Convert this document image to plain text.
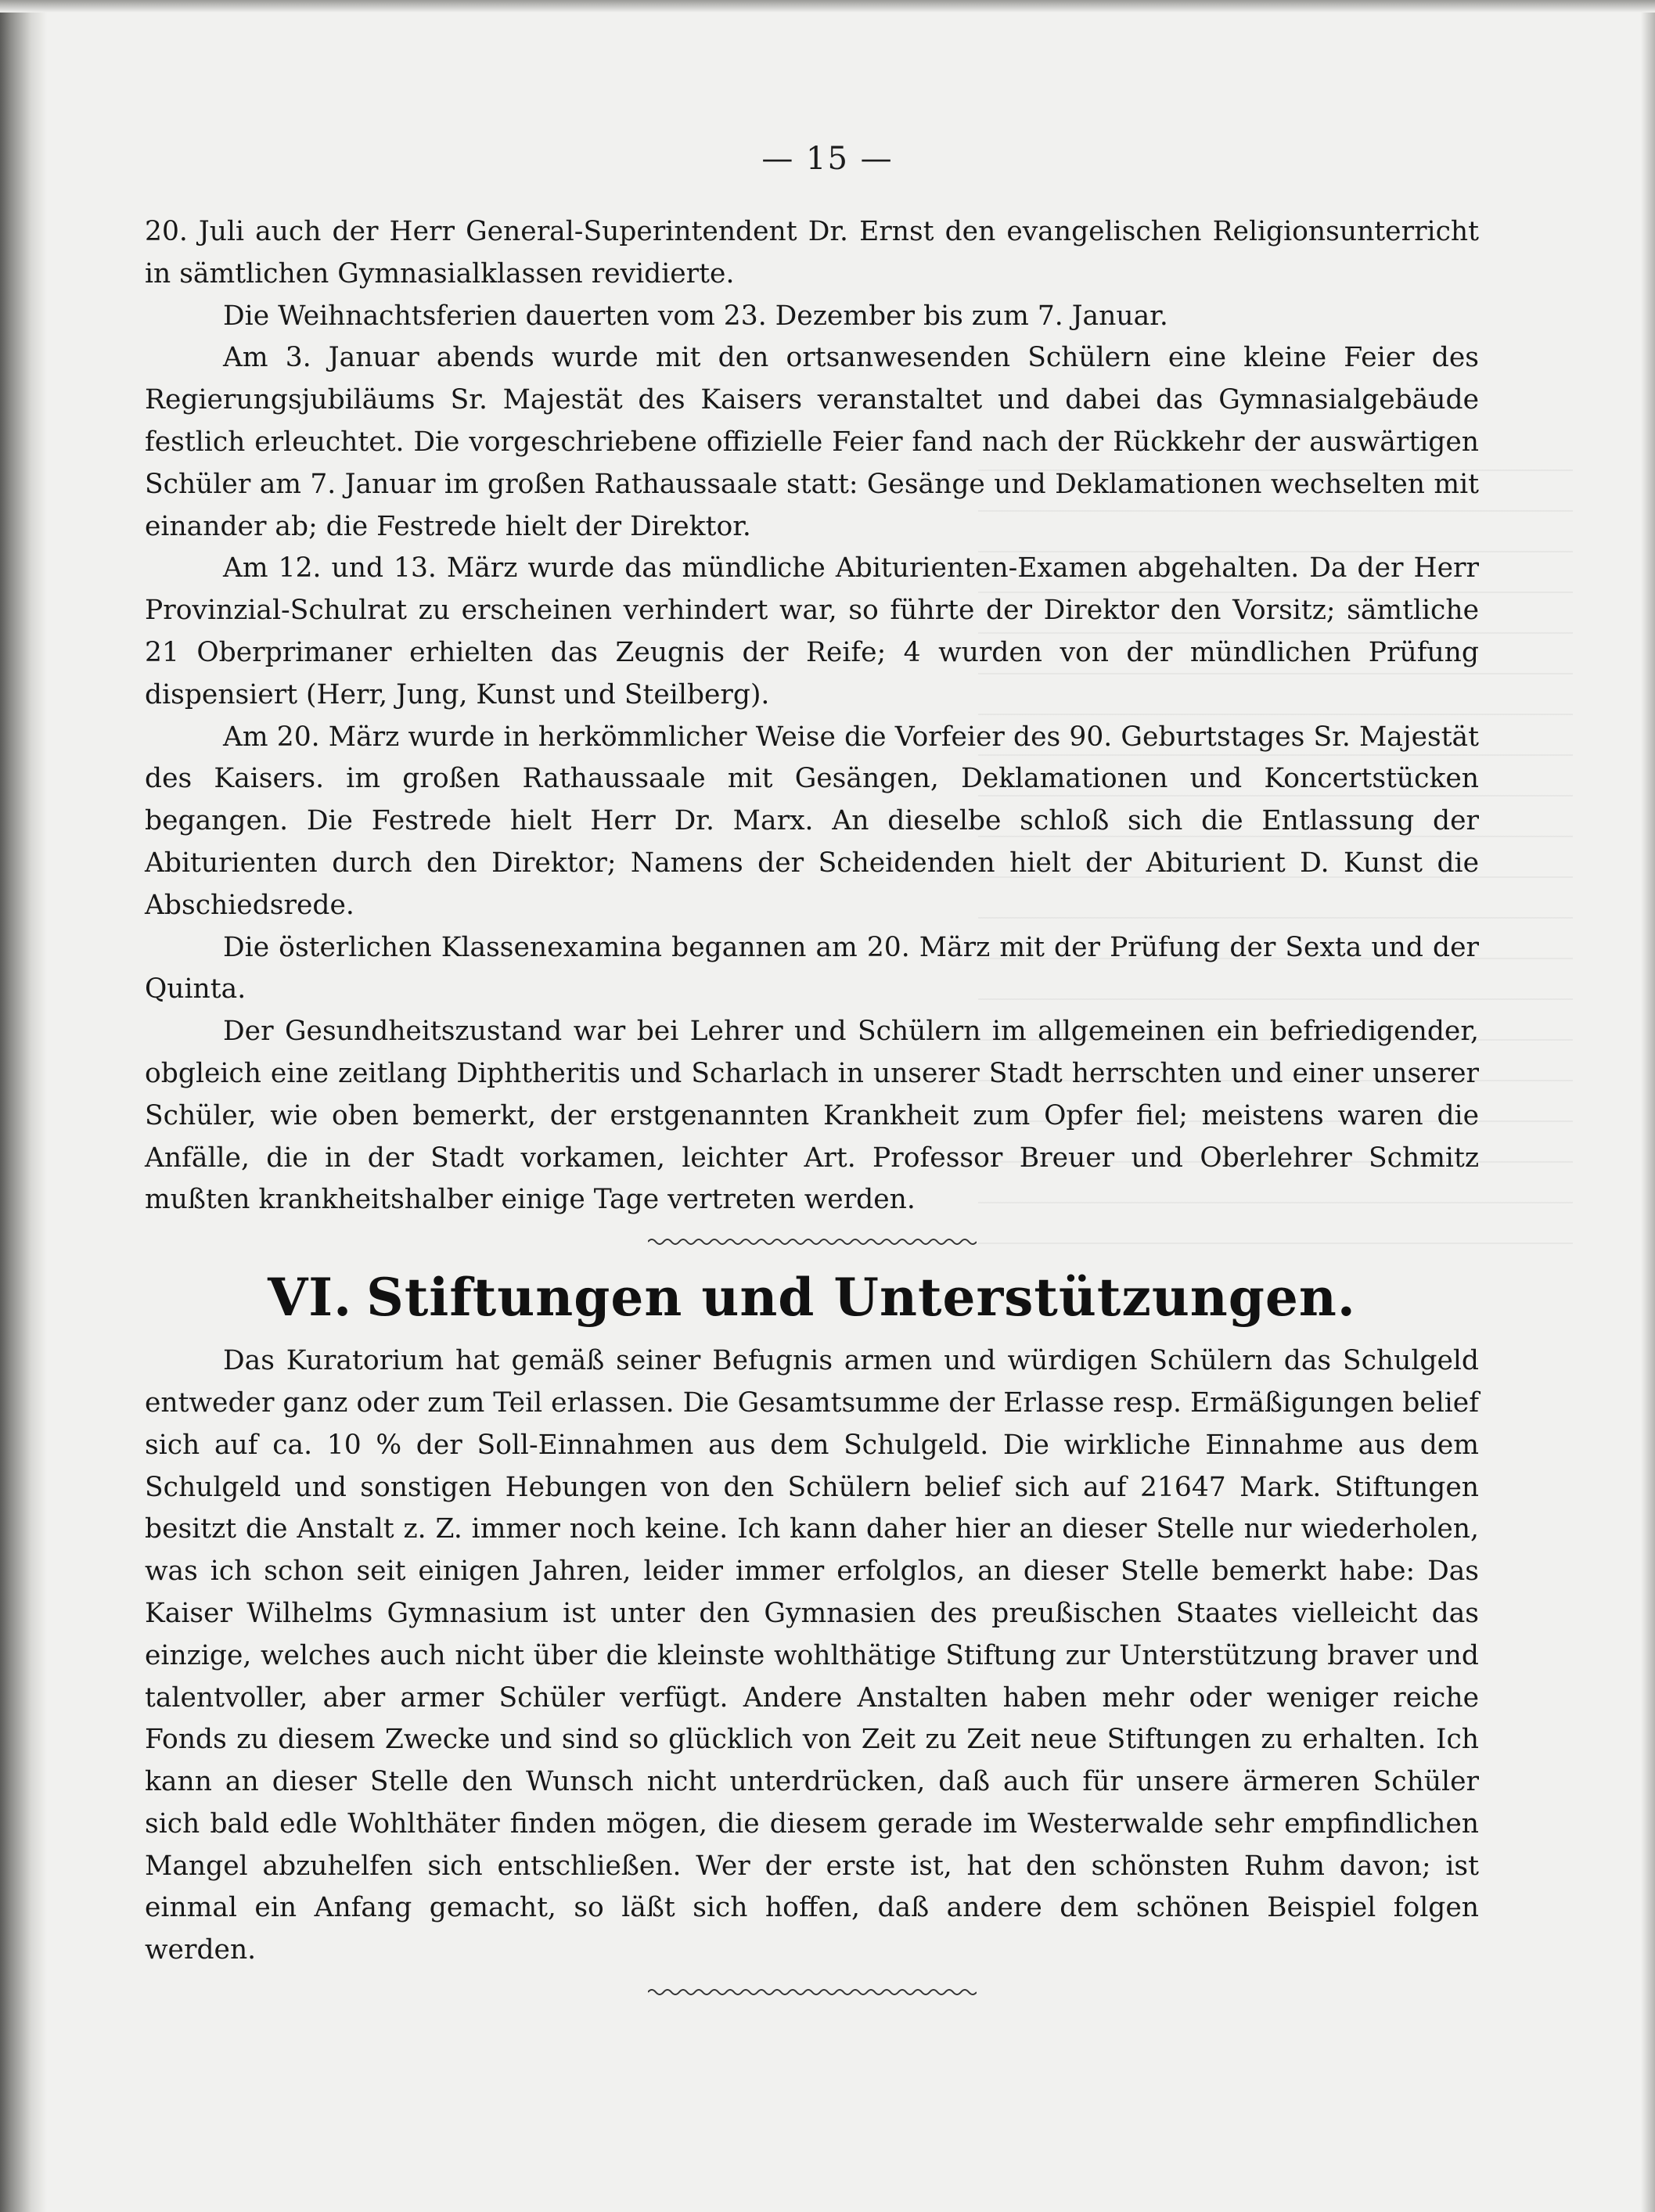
— 15 —

20. Juli auch der Herr General-Superintendent Dr. Ernst den evangelischen Religionsunterricht in sämtlichen Gymnasialklassen revidierte.

Die Weihnachtsferien dauerten vom 23. Dezember bis zum 7. Januar.

Am 3. Januar abends wurde mit den ortsanwesenden Schülern eine kleine Feier des Regierungsjubiläums Sr. Majestät des Kaisers veranstaltet und dabei das Gymnasialgebäude festlich erleuchtet. Die vorgeschriebene offizielle Feier fand nach der Rückkehr der auswärtigen Schüler am 7. Januar im großen Rathaussaale statt: Gesänge und Deklamationen wechselten mit einander ab; die Festrede hielt der Direktor.

Am 12. und 13. März wurde das mündliche Abiturienten-Examen abgehalten. Da der Herr Provinzial-Schulrat zu erscheinen verhindert war, so führte der Direktor den Vorsitz; sämtliche 21 Oberprimaner erhielten das Zeugnis der Reife; 4 wurden von der mündlichen Prüfung dispensiert (Herr, Jung, Kunst und Steilberg).

Am 20. März wurde in herkömmlicher Weise die Vorfeier des 90. Geburtstages Sr. Majestät des Kaisers. im großen Rathaussaale mit Gesängen, Deklamationen und Koncertstücken begangen. Die Festrede hielt Herr Dr. Marx. An dieselbe schloß sich die Entlassung der Abiturienten durch den Direktor; Namens der Scheidenden hielt der Abiturient D. Kunst die Abschiedsrede.

Die österlichen Klassenexamina begannen am 20. März mit der Prüfung der Sexta und der Quinta.

Der Gesundheitszustand war bei Lehrer und Schülern im allgemeinen ein befriedigender, obgleich eine zeitlang Diphtheritis und Scharlach in unserer Stadt herrschten und einer unserer Schüler, wie oben bemerkt, der erstgenannten Krankheit zum Opfer fiel; meistens waren die Anfälle, die in der Stadt vorkamen, leichter Art. Professor Breuer und Oberlehrer Schmitz mußten krankheitshalber einige Tage vertreten werden.

VI. Stiftungen und Unterstützungen.

Das Kuratorium hat gemäß seiner Befugnis armen und würdigen Schülern das Schulgeld entweder ganz oder zum Teil erlassen. Die Gesamtsumme der Erlasse resp. Ermäßigungen belief sich auf ca. 10 % der Soll-Einnahmen aus dem Schulgeld. Die wirkliche Einnahme aus dem Schulgeld und sonstigen Hebungen von den Schülern belief sich auf 21647 Mark. Stiftungen besitzt die Anstalt z. Z. immer noch keine. Ich kann daher hier an dieser Stelle nur wiederholen, was ich schon seit einigen Jahren, leider immer erfolglos, an dieser Stelle bemerkt habe: Das Kaiser Wilhelms Gymnasium ist unter den Gymnasien des preußischen Staates vielleicht das einzige, welches auch nicht über die kleinste wohlthätige Stiftung zur Unterstützung braver und talentvoller, aber armer Schüler verfügt. Andere Anstalten haben mehr oder weniger reiche Fonds zu diesem Zwecke und sind so glücklich von Zeit zu Zeit neue Stiftungen zu erhalten. Ich kann an dieser Stelle den Wunsch nicht unterdrücken, daß auch für unsere ärmeren Schüler sich bald edle Wohlthäter finden mögen, die diesem gerade im Westerwalde sehr empfindlichen Mangel abzuhelfen sich entschließen. Wer der erste ist, hat den schönsten Ruhm davon; ist einmal ein Anfang gemacht, so läßt sich hoffen, daß andere dem schönen Beispiel folgen werden.
